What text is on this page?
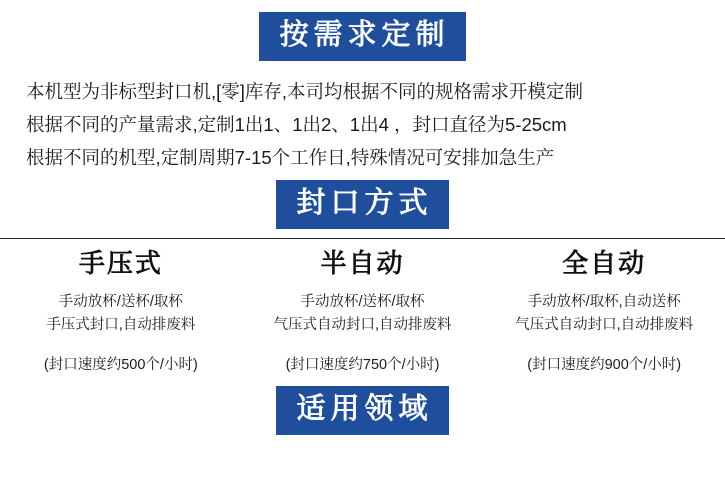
按需求定制
本机型为非标型封口机,[零]库存,本司均根据不同的规格需求开模定制
根据不同的产量需求,定制1出1、1出2、1出4 ，封口直径为5-25cm
根据不同的机型,定制周期7-15个工作日,特殊情况可安排加急生产
封口方式
手压式
手动放杯/送杯/取杯
手压式封口,自动排废料
(封口速度约500个/小时)
半自动
手动放杯/送杯/取杯
气压式自动封口,自动排废料
(封口速度约750个/小时)
全自动
手动放杯/取杯,自动送杯
气压式自动封口,自动排废料
(封口速度约900个/小时)
适用领域
